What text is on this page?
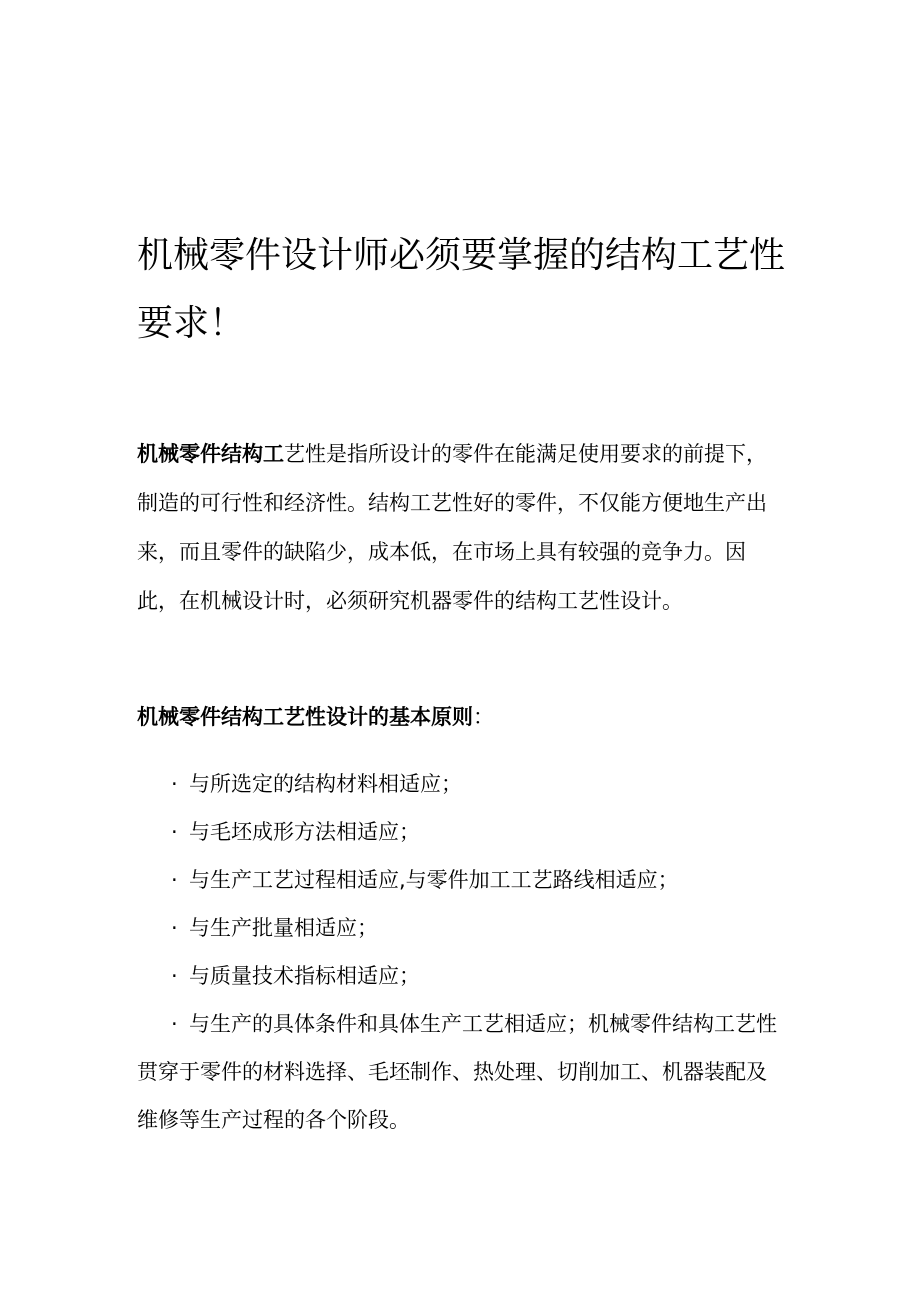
机械零件设计师必须要掌握的结构工艺性要求！

机械零件结构工艺性是指所设计的零件在能满足使用要求的前提下，制造的可行性和经济性。结构工艺性好的零件，不仅能方便地生产出来，而且零件的缺陷少，成本低，在市场上具有较强的竞争力。因此，在机械设计时，必须研究机器零件的结构工艺性设计。

机械零件结构工艺性设计的基本原则：

· 与所选定的结构材料相适应；
· 与毛坯成形方法相适应；
· 与生产工艺过程相适应,与零件加工工艺路线相适应；
· 与生产批量相适应；
· 与质量技术指标相适应；
· 与生产的具体条件和具体生产工艺相适应；机械零件结构工艺性贯穿于零件的材料选择、毛坯制作、热处理、切削加工、机器装配及维修等生产过程的各个阶段。
